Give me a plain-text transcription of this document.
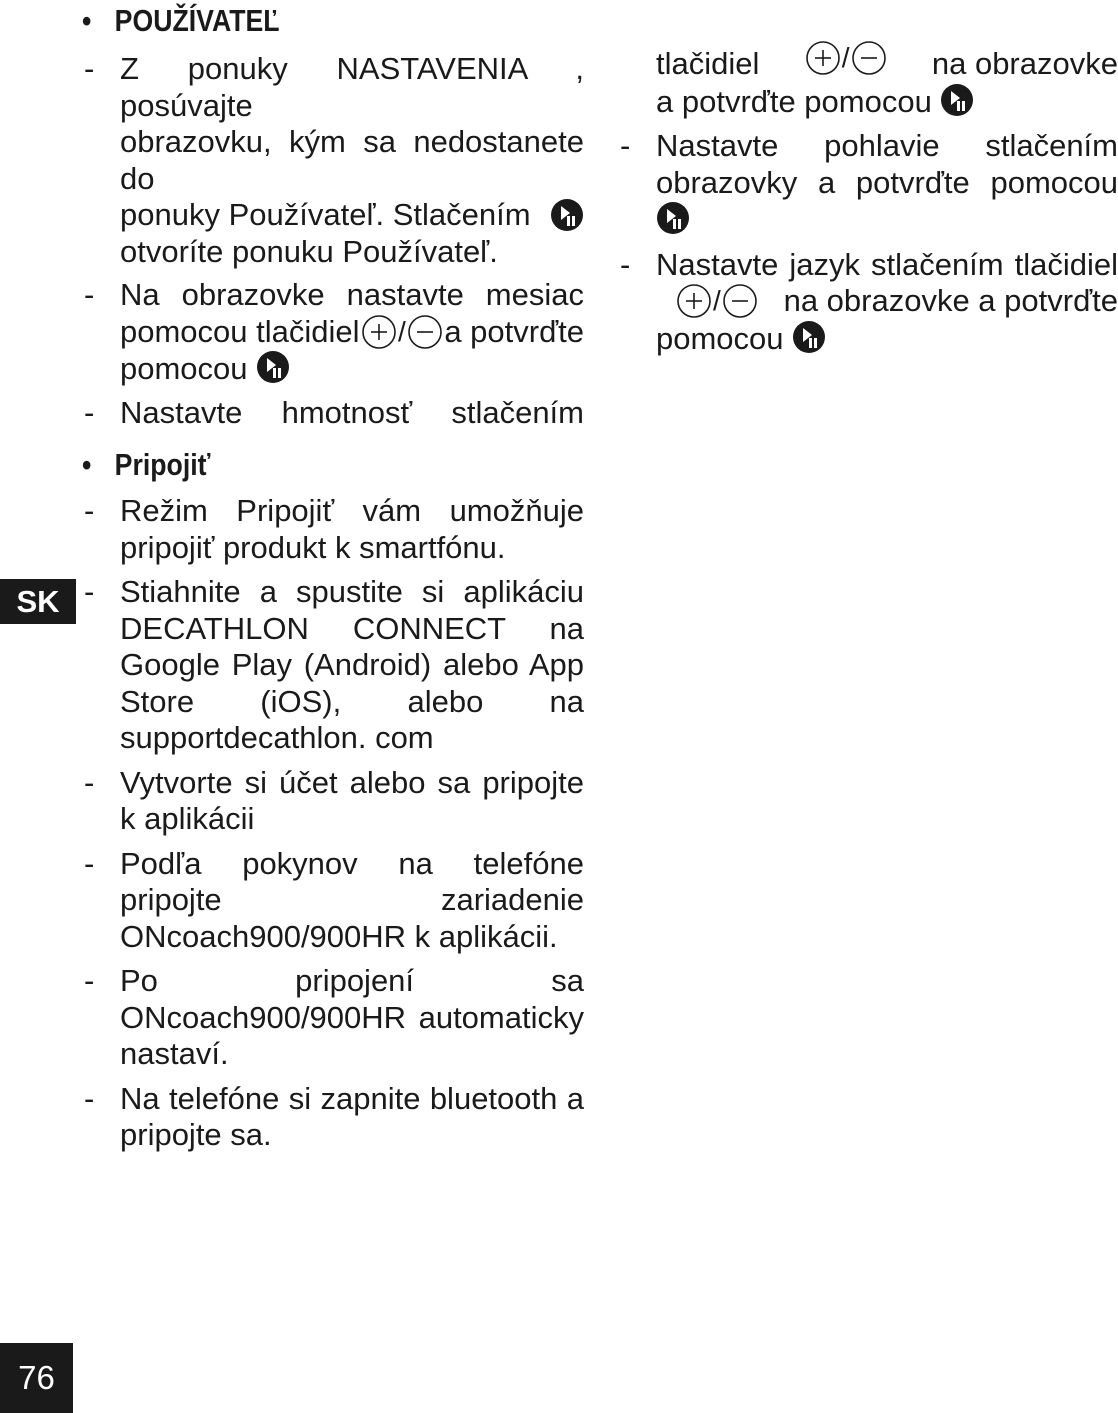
• POUŽÍVATEĽ
- Z ponuky NASTAVENIA , posúvajte
obrazovku, kým sa nedostanete do
ponuky Používateľ. Stlačením
otvoríte ponuku Používateľ.
- Na obrazovke nastavte mesiac
pomocou tlačidiel / a potvrďte
pomocou
- Nastavte hmotnosť stlačením
• Pripojiť
- Režim Pripojiť vám umožňuje pripojiť produkt k smartfónu.
- Stiahnite a spustite si aplikáciu DECATHLON CONNECT na Google Play (Android) alebo App Store (iOS), alebo na supportdecathlon. com
- Vytvorte si účet alebo sa pripojte k aplikácii
- Podľa pokynov na telefóne pripojte zariadenie ONcoach900/900HR k aplikácii.
- Po pripojení sa ONcoach900/900HR automaticky nastaví.
- Na telefóne si zapnite bluetooth a pripojte sa.
tlačidiel	/	na obrazovke
a potvrďte pomocou
- Nastavte pohlavie stlačením
obrazovky a potvrďte pomocou
- Nastavte jazyk stlačením tlačidiel
/ na obrazovke a potvrďte
pomocou
SK
76
